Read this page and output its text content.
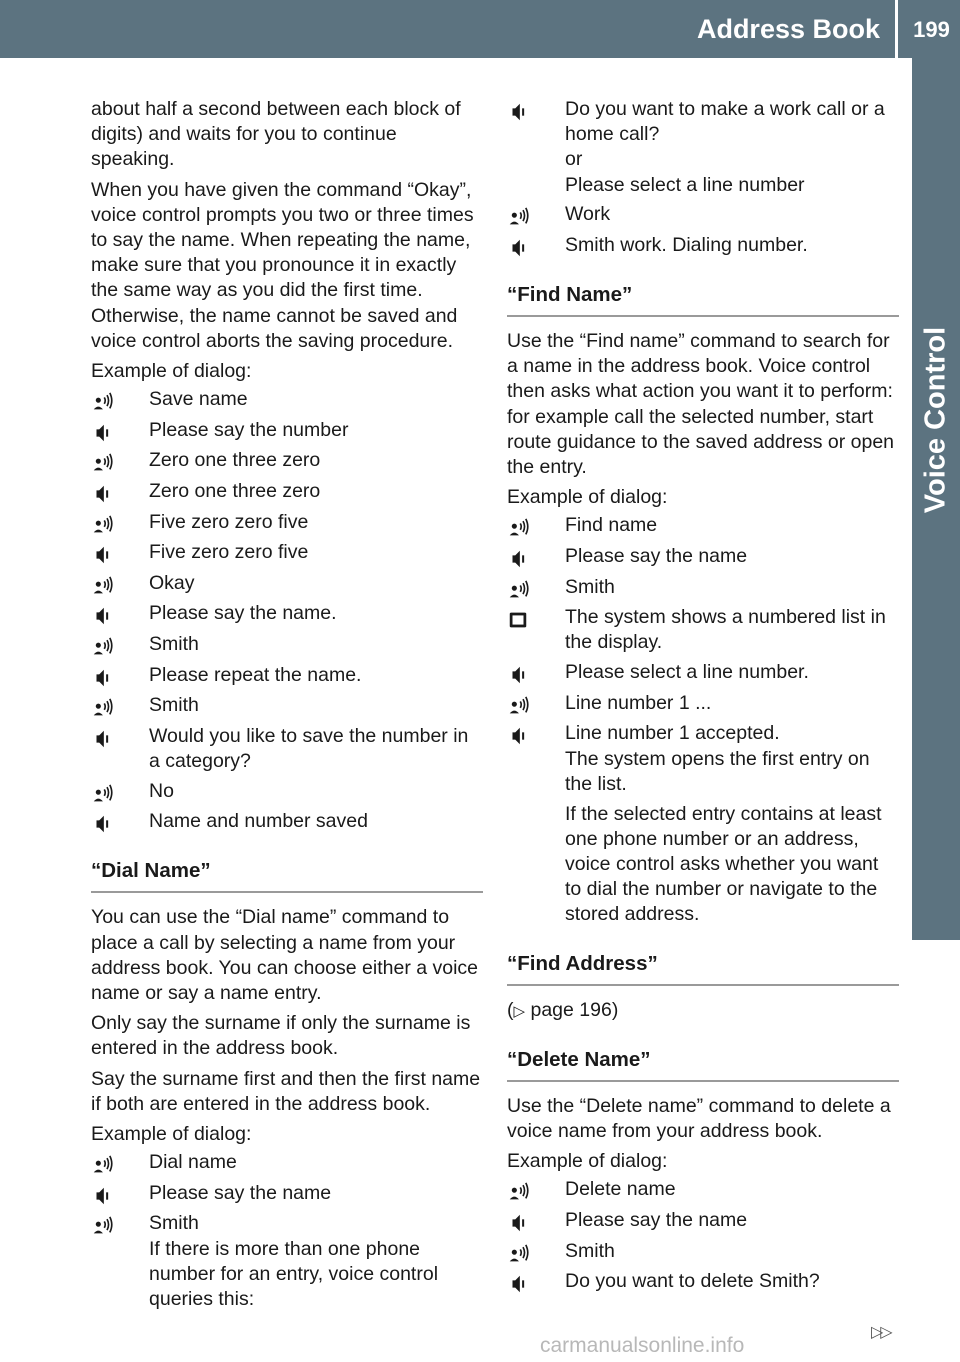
Address Book	199
Voice Control

about half a second between each block of digits) and waits for you to continue speaking.

When you have given the command “Okay”, voice control prompts you two or three times to say the name. When repeating the name, make sure that you pronounce it in exactly the same way as you did the first time. Otherwise, the name cannot be saved and voice control aborts the saving procedure.

Example of dialog:

Save name
Please say the number
Zero one three zero
Zero one three zero
Five zero zero five
Five zero zero five
Okay
Please say the name.
Smith
Please repeat the name.
Smith
Would you like to save the number in a category?
No
Name and number saved
“Dial Name”

You can use the “Dial name” command to place a call by selecting a name from your address book. You can choose either a voice name or say a name entry.

Only say the surname if only the surname is entered in the address book.

Say the surname first and then the first name if both are entered in the address book.

Example of dialog:

Dial name
Please say the name
Smith
If there is more than one phone number for an entry, voice control queries this:
Do you want to make a work call or a home call?
or
Please select a line number
Work
Smith work. Dialing number.
“Find Name”

Use the “Find name” command to search for a name in the address book. Voice control then asks what action you want it to perform: for example call the selected number, start route guidance to the saved address or open the entry.

Example of dialog:

Find name
Please say the name
Smith
The system shows a numbered list in the display.
Please select a line number.
Line number 1 ...
Line number 1 accepted.
The system opens the first entry on the list.
If the selected entry contains at least one phone number or an address, voice control asks whether you want to dial the number or navigate to the stored address.
“Find Address”

(▷ page 196)

“Delete Name”

Use the “Delete name” command to delete a voice name from your address book.

Example of dialog:

Delete name
Please say the name
Smith
Do you want to delete Smith?
▷▷
carmanualsonline.info
